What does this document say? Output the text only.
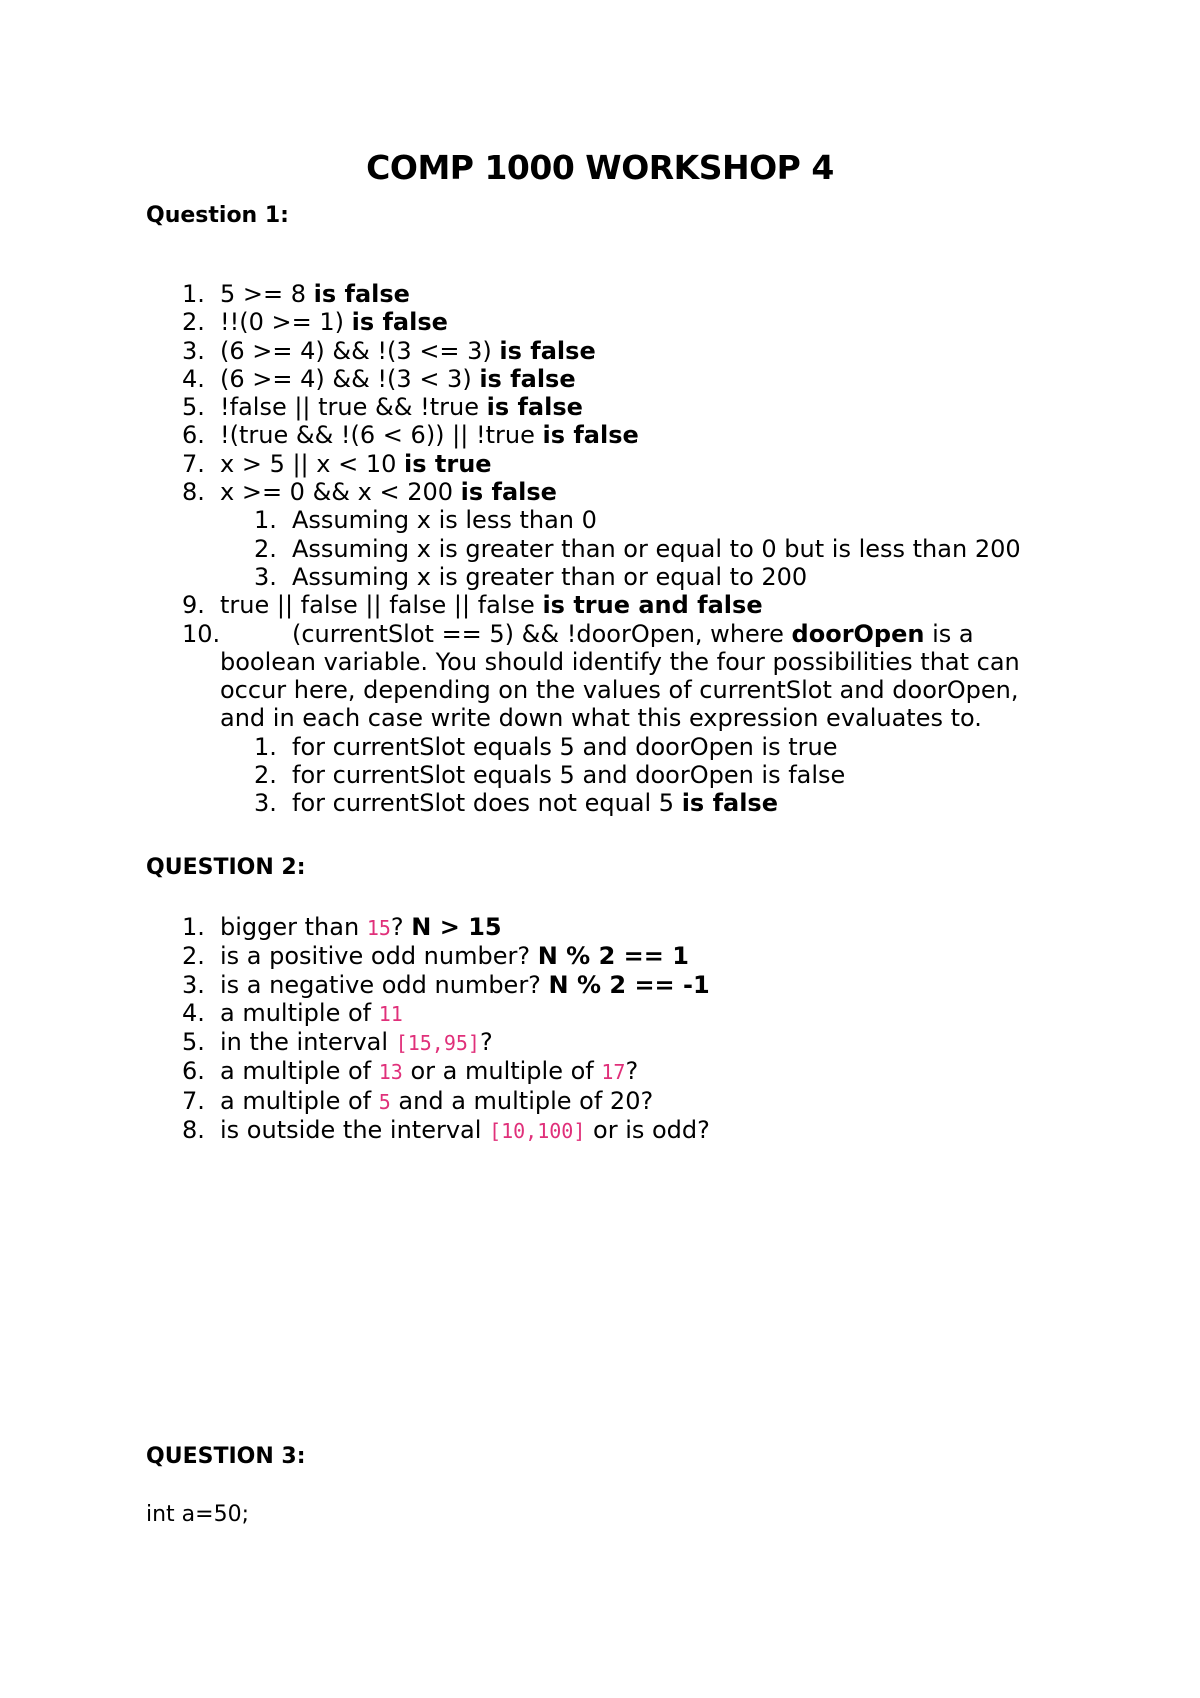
COMP 1000 WORKSHOP 4
Question 1:
1. 5 >= 8 is false
2. !!(0 >= 1) is false
3. (6 >= 4) && !(3 <= 3) is false
4. (6 >= 4) && !(3 < 3) is false
5. !false || true && !true is false
6. !(true && !(6 < 6)) || !true is false
7. x > 5 || x < 10 is true
8. x >= 0 && x < 200 is false
1. Assuming x is less than 0
2. Assuming x is greater than or equal to 0 but is less than 200
3. Assuming x is greater than or equal to 200
9. true || false || false || false is true and false
10.	(currentSlot == 5) && !doorOpen, where doorOpen is a boolean variable. You should identify the four possibilities that can occur here, depending on the values of currentSlot and doorOpen, and in each case write down what this expression evaluates to.
1. for currentSlot equals 5 and doorOpen is true
2. for currentSlot equals 5 and doorOpen is false
3. for currentSlot does not equal 5 is false
QUESTION 2:
1. bigger than 15? N > 15
2. is a positive odd number? N % 2 == 1
3. is a negative odd number? N % 2 == -1
4. a multiple of 11
5. in the interval [15,95]?
6. a multiple of 13 or a multiple of 17?
7. a multiple of 5 and a multiple of 20?
8. is outside the interval [10,100] or is odd?
QUESTION 3:
int a=50;
